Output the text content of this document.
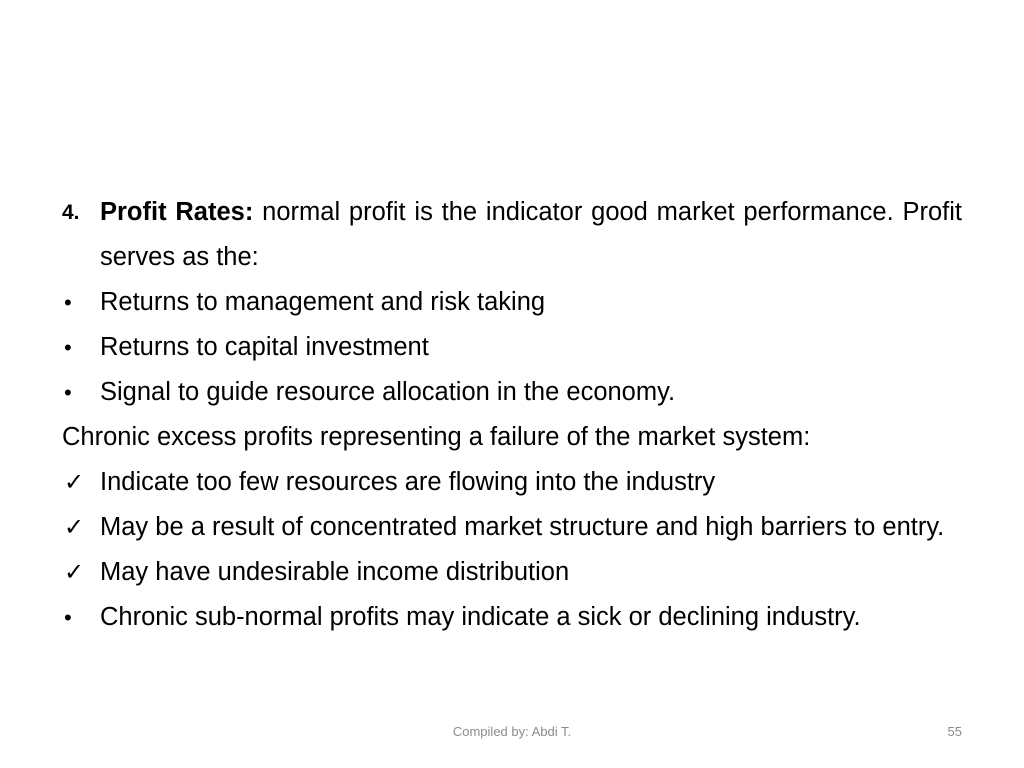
4. Profit Rates: normal profit is the indicator good market performance. Profit serves as the:
•	Returns to management and risk taking
•	Returns to capital investment
•	Signal to guide resource allocation in the economy.
Chronic excess profits representing a failure of the market system:
✓ Indicate too few resources are flowing into the industry
✓ May be a result of concentrated market structure and high barriers to entry.
✓ May have undesirable income distribution
•	Chronic sub-normal profits may indicate a sick or declining industry.
Compiled by: Abdi T.	55
